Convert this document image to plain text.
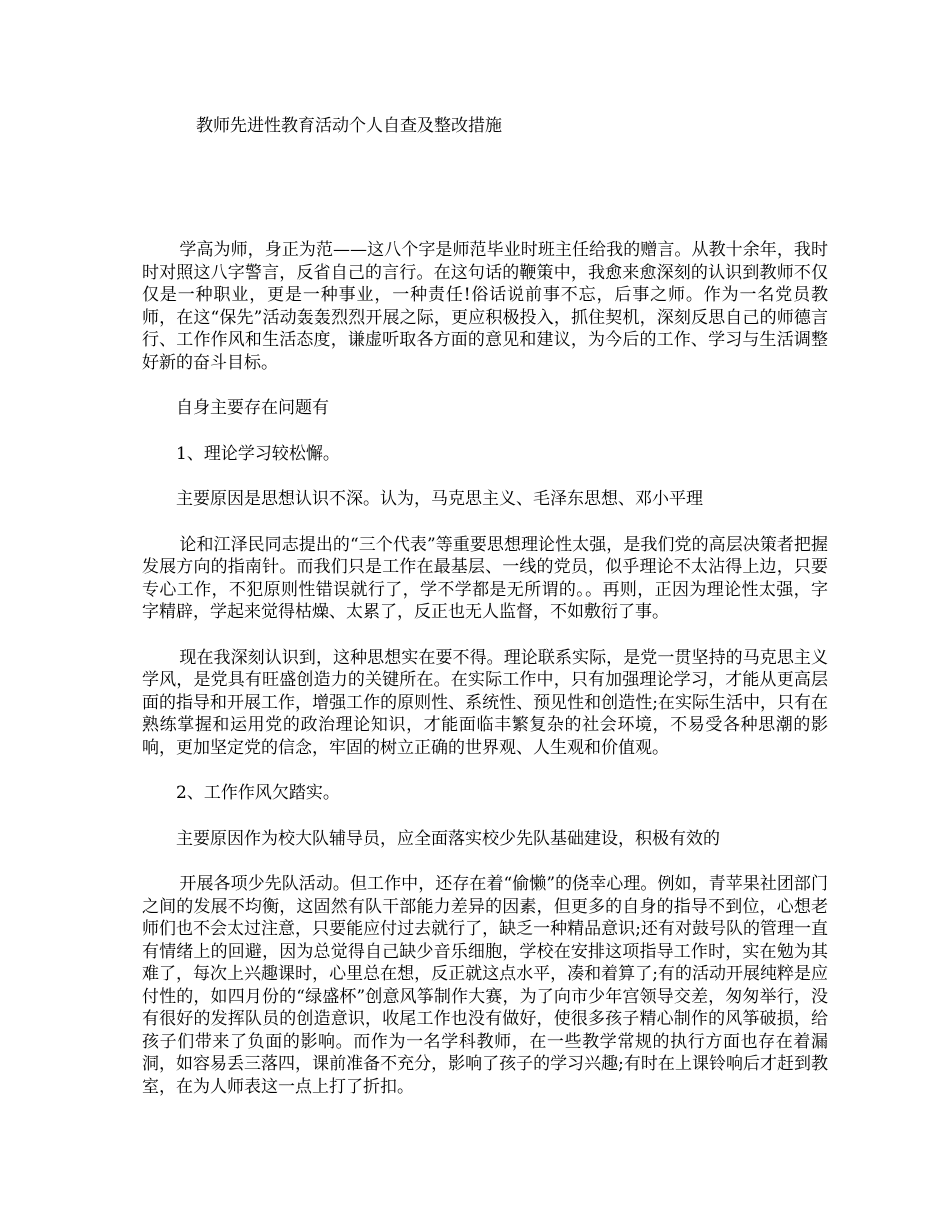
教师先进性教育活动个人自查及整改措施

学高为师，身正为范——这八个字是师范毕业时班主任给我的赠言。从教十余年，我时时对照这八字警言，反省自己的言行。在这句话的鞭策中，我愈来愈深刻的认识到教师不仅仅是一种职业，更是一种事业，一种责任!俗话说前事不忘，后事之师。作为一名党员教师，在这“保先”活动轰轰烈烈开展之际，更应积极投入，抓住契机，深刻反思自己的师德言行、工作作风和生活态度，谦虚听取各方面的意见和建议，为今后的工作、学习与生活调整好新的奋斗目标。

自身主要存在问题有

1、理论学习较松懈。

主要原因是思想认识不深。认为，马克思主义、毛泽东思想、邓小平理

论和江泽民同志提出的“三个代表”等重要思想理论性太强，是我们党的高层决策者把握发展方向的指南针。而我们只是工作在最基层、一线的党员，似乎理论不太沾得上边，只要专心工作，不犯原则性错误就行了，学不学都是无所谓的。。再则，正因为理论性太强，字字精辟，学起来觉得枯燥、太累了，反正也无人监督，不如敷衍了事。

现在我深刻认识到，这种思想实在要不得。理论联系实际，是党一贯坚持的马克思主义学风，是党具有旺盛创造力的关键所在。在实际工作中，只有加强理论学习，才能从更高层面的指导和开展工作，增强工作的原则性、系统性、预见性和创造性;在实际生活中，只有在熟练掌握和运用党的政治理论知识，才能面临丰繁复杂的社会环境，不易受各种思潮的影响，更加坚定党的信念，牢固的树立正确的世界观、人生观和价值观。

2、工作作风欠踏实。

主要原因作为校大队辅导员，应全面落实校少先队基础建设，积极有效的

开展各项少先队活动。但工作中，还存在着“偷懒”的侥幸心理。例如，青苹果社团部门之间的发展不均衡，这固然有队干部能力差异的因素，但更多的自身的指导不到位，心想老师们也不会太过注意，只要能应付过去就行了，缺乏一种精品意识;还有对鼓号队的管理一直有情绪上的回避，因为总觉得自己缺少音乐细胞，学校在安排这项指导工作时，实在勉为其难了，每次上兴趣课时，心里总在想，反正就这点水平，凑和着算了;有的活动开展纯粹是应付性的，如四月份的“绿盛杯”创意风筝制作大赛，为了向市少年宫领导交差，匆匆举行，没有很好的发挥队员的创造意识，收尾工作也没有做好，使很多孩子精心制作的风筝破损，给孩子们带来了负面的影响。而作为一名学科教师，在一些教学常规的执行方面也存在着漏洞，如容易丢三落四，课前准备不充分，影响了孩子的学习兴趣;有时在上课铃响后才赶到教室，在为人师表这一点上打了折扣。
